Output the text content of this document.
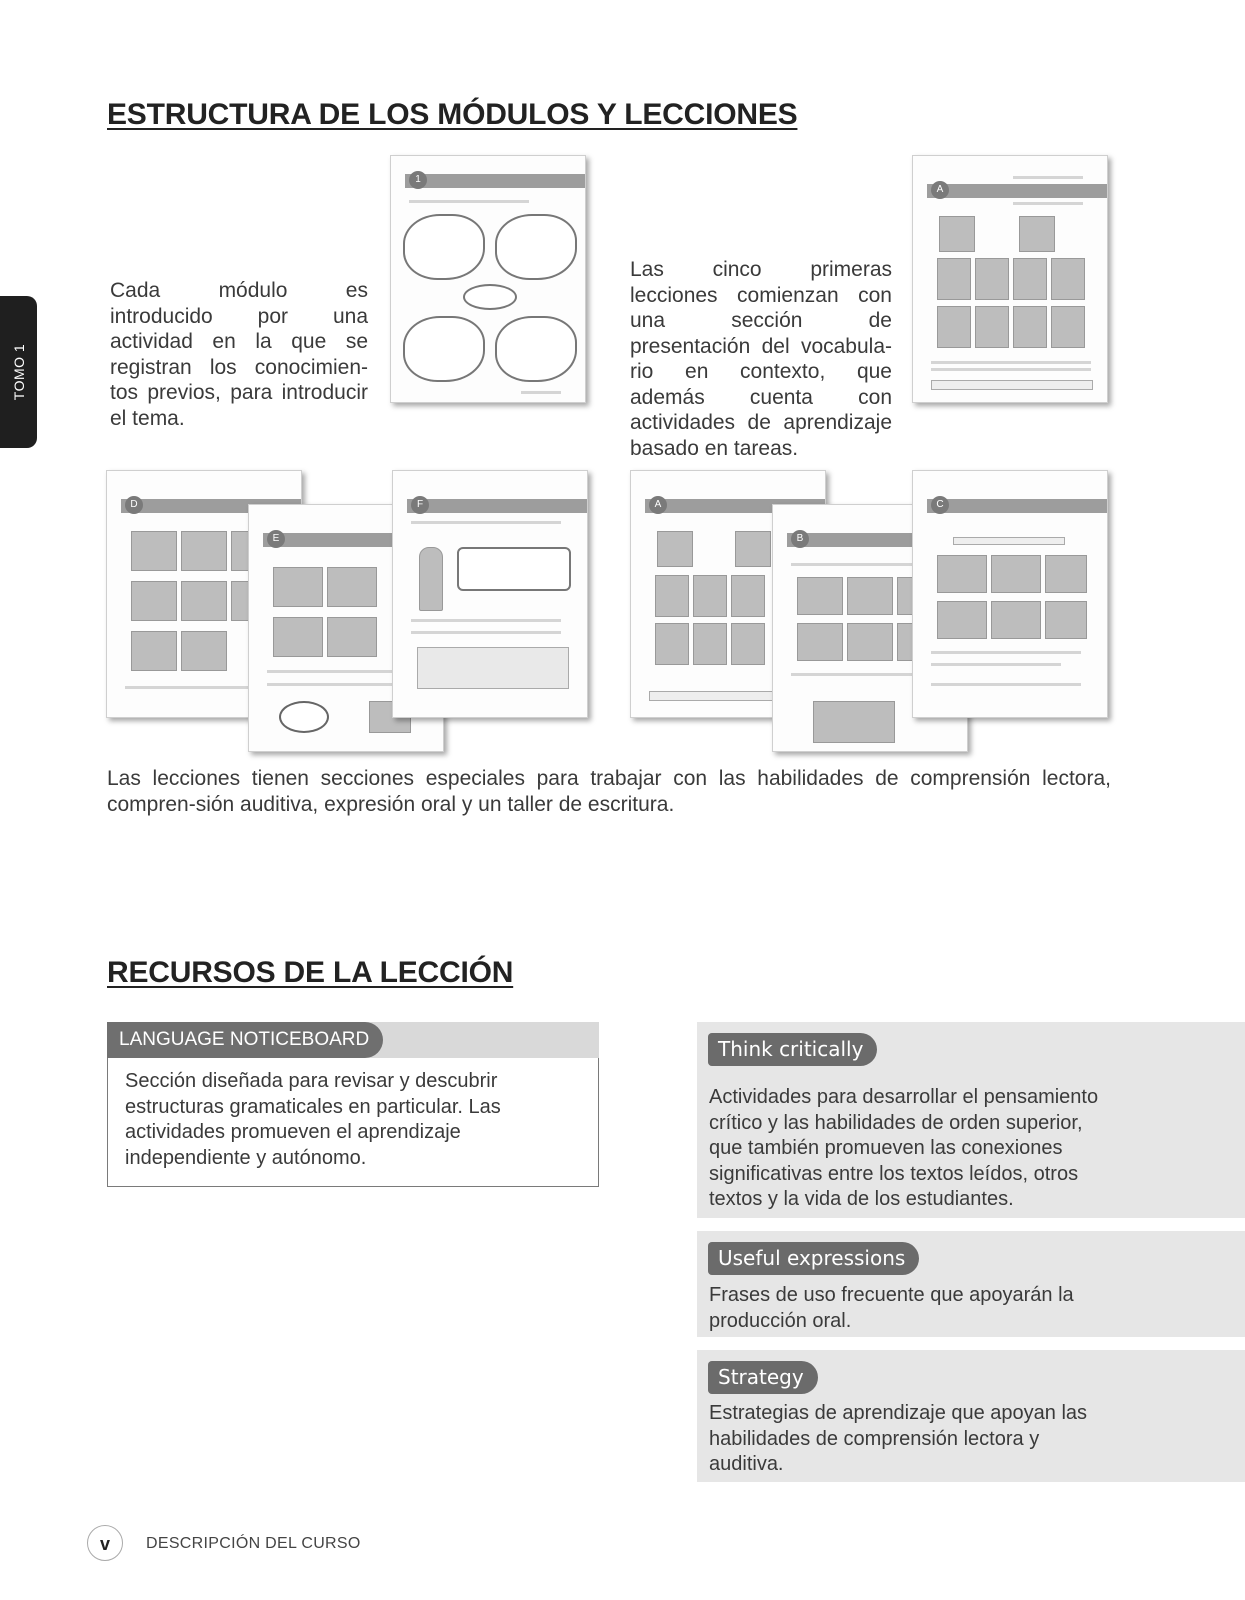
TOMO 1
ESTRUCTURA DE LOS MÓDULOS Y LECCIONES
Cada módulo es introducido por una actividad en la que se registran los conocimien-tos previos, para introducir el tema.
1
Las cinco primeras lecciones comienzan con una sección de presentación del vocabula-rio en contexto, que además cuenta con actividades de aprendizaje basado en tareas.
A
D
E
F	A
B
C
Las lecciones tienen secciones especiales para trabajar con las habilidades de comprensión lectora, compren-sión auditiva, expresión oral y un taller de escritura.
RECURSOS DE LA LECCIÓN
LANGUAGE NOTICEBOARD
Sección diseñada para revisar y descubrir estructuras gramaticales en particular. Las actividades promueven el aprendizaje independiente y autónomo.
Think critically
Actividades para desarrollar el pensamiento crítico y las habilidades de orden superior, que también promueven las conexiones significativas entre los textos leídos, otros textos y la vida de los estudiantes.
Useful expressions
Frases de uso frecuente que apoyarán la producción oral.
Strategy
Estrategias de aprendizaje que apoyan las habilidades de comprensión lectora y auditiva.
v	DESCRIPCIÓN DEL CURSO
